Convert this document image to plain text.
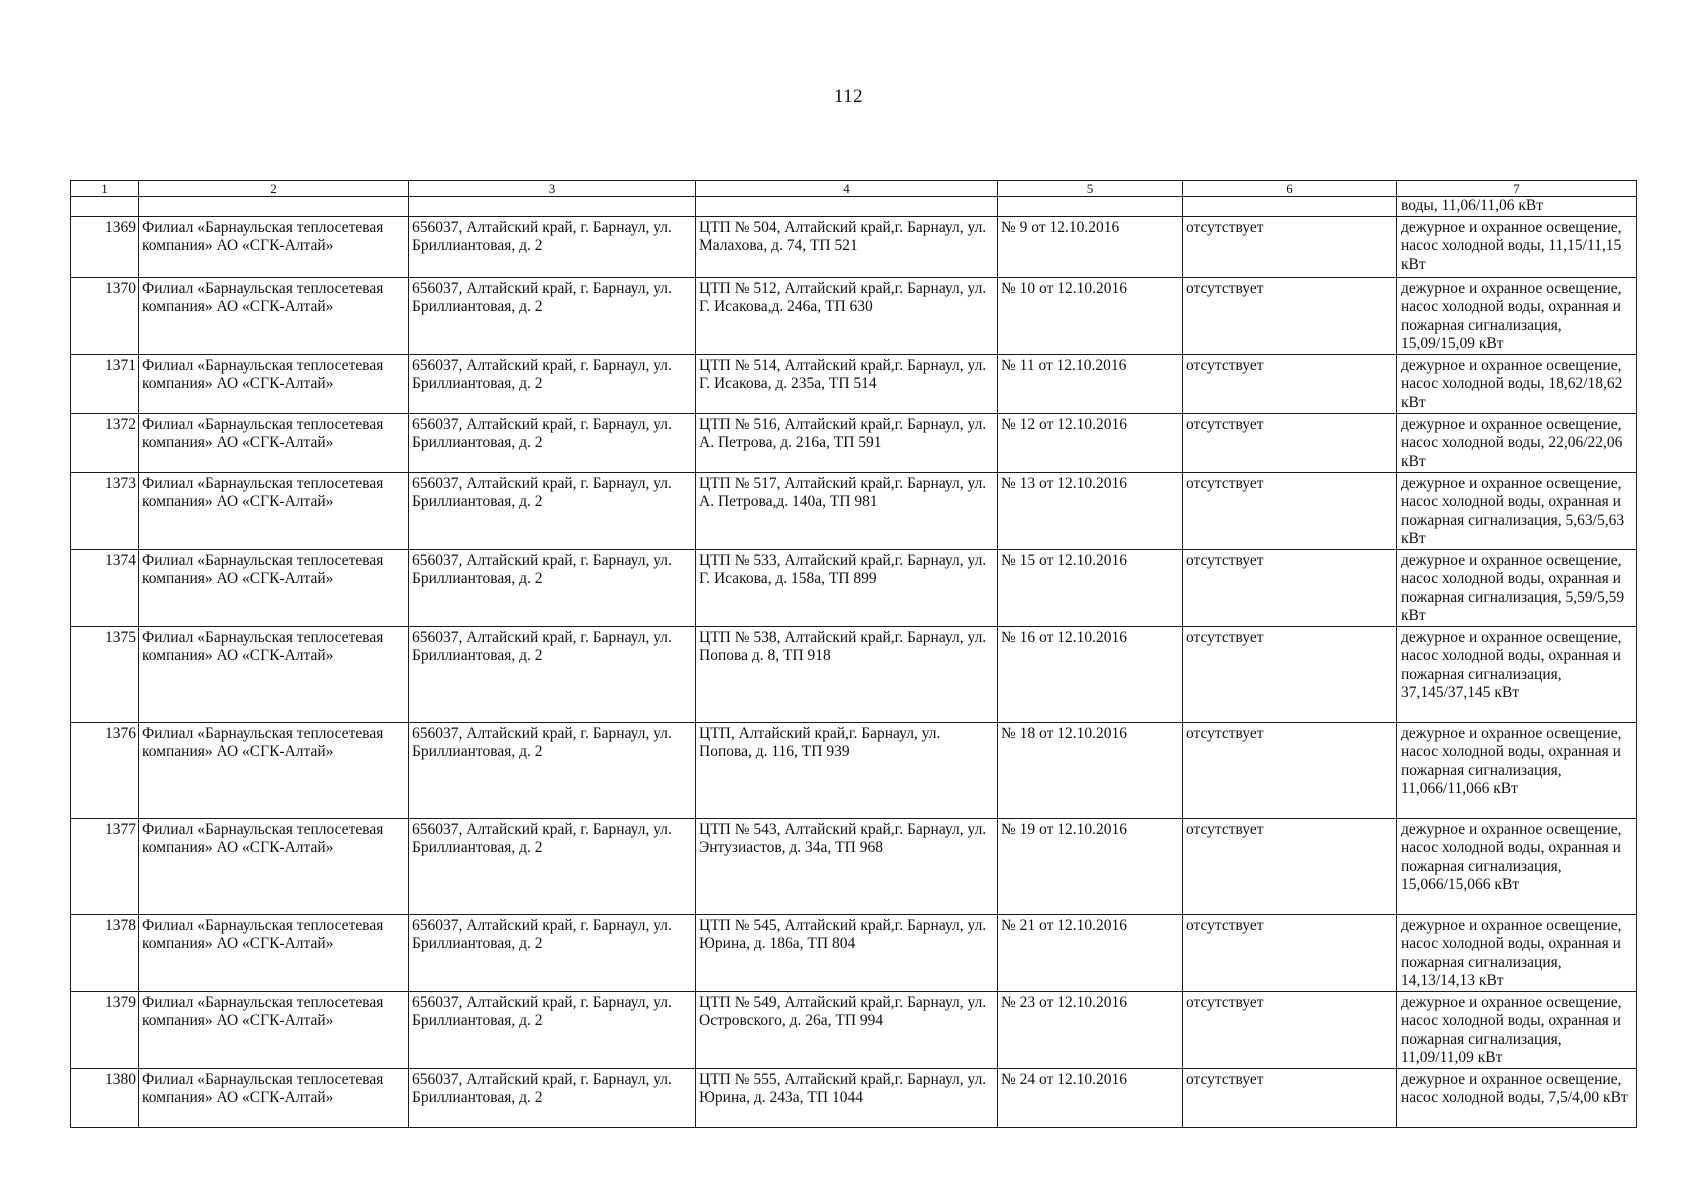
112
1	2	3	4	5	6	7
						воды, 11,06/11,06 кВт
1369	Филиал «Барнаульская теплосетевая компания» АО «СГК-Алтай»	656037, Алтайский край, г. Барнаул, ул. Бриллиантовая, д. 2	ЦТП № 504, Алтайский край,г. Барнаул, ул. Малахова, д. 74, ТП 521	№ 9 от 12.10.2016	отсутствует	дежурное и охранное освещение, насос холодной воды, 11,15/11,15 кВт
1370	Филиал «Барнаульская теплосетевая компания» АО «СГК-Алтай»	656037, Алтайский край, г. Барнаул, ул. Бриллиантовая, д. 2	ЦТП № 512, Алтайский край,г. Барнаул, ул. Г. Исакова,д. 246а, ТП 630	№ 10 от 12.10.2016	отсутствует	дежурное и охранное освещение, насос холодной воды, охранная и пожарная сигнализация, 15,09/15,09 кВт
1371	Филиал «Барнаульская теплосетевая компания» АО «СГК-Алтай»	656037, Алтайский край, г. Барнаул, ул. Бриллиантовая, д. 2	ЦТП № 514, Алтайский край,г. Барнаул, ул. Г. Исакова, д. 235а, ТП 514	№ 11 от 12.10.2016	отсутствует	дежурное и охранное освещение, насос холодной воды, 18,62/18,62 кВт
1372	Филиал «Барнаульская теплосетевая компания» АО «СГК-Алтай»	656037, Алтайский край, г. Барнаул, ул. Бриллиантовая, д. 2	ЦТП № 516, Алтайский край,г. Барнаул, ул. А. Петрова, д. 216а, ТП 591	№ 12 от 12.10.2016	отсутствует	дежурное и охранное освещение, насос холодной воды, 22,06/22,06 кВт
1373	Филиал «Барнаульская теплосетевая компания» АО «СГК-Алтай»	656037, Алтайский край, г. Барнаул, ул. Бриллиантовая, д. 2	ЦТП № 517, Алтайский край,г. Барнаул, ул. А. Петрова,д. 140а, ТП 981	№ 13 от 12.10.2016	отсутствует	дежурное и охранное освещение, насос холодной воды, охранная и пожарная сигнализация, 5,63/5,63 кВт
1374	Филиал «Барнаульская теплосетевая компания» АО «СГК-Алтай»	656037, Алтайский край, г. Барнаул, ул. Бриллиантовая, д. 2	ЦТП № 533, Алтайский край,г. Барнаул, ул. Г. Исакова, д. 158а, ТП 899	№ 15 от 12.10.2016	отсутствует	дежурное и охранное освещение, насос холодной воды, охранная и пожарная сигнализация, 5,59/5,59 кВт
1375	Филиал «Барнаульская теплосетевая компания» АО «СГК-Алтай»	656037, Алтайский край, г. Барнаул, ул. Бриллиантовая, д. 2	ЦТП № 538, Алтайский край,г. Барнаул, ул. Попова д. 8, ТП 918	№ 16 от 12.10.2016	отсутствует	дежурное и охранное освещение, насос холодной воды, охранная и пожарная сигнализация, 37,145/37,145 кВт
1376	Филиал «Барнаульская теплосетевая компания» АО «СГК-Алтай»	656037, Алтайский край, г. Барнаул, ул. Бриллиантовая, д. 2	ЦТП, Алтайский край,г. Барнаул, ул. Попова, д. 116, ТП 939	№ 18 от 12.10.2016	отсутствует	дежурное и охранное освещение, насос холодной воды, охранная и пожарная сигнализация, 11,066/11,066 кВт
1377	Филиал «Барнаульская теплосетевая компания» АО «СГК-Алтай»	656037, Алтайский край, г. Барнаул, ул. Бриллиантовая, д. 2	ЦТП № 543, Алтайский край,г. Барнаул, ул. Энтузиастов, д. 34а, ТП 968	№ 19 от 12.10.2016	отсутствует	дежурное и охранное освещение, насос холодной воды, охранная и пожарная сигнализация, 15,066/15,066 кВт
1378	Филиал «Барнаульская теплосетевая компания» АО «СГК-Алтай»	656037, Алтайский край, г. Барнаул, ул. Бриллиантовая, д. 2	ЦТП № 545, Алтайский край,г. Барнаул, ул. Юрина, д. 186а, ТП 804	№ 21 от 12.10.2016	отсутствует	дежурное и охранное освещение, насос холодной воды, охранная и пожарная сигнализация, 14,13/14,13 кВт
1379	Филиал «Барнаульская теплосетевая компания» АО «СГК-Алтай»	656037, Алтайский край, г. Барнаул, ул. Бриллиантовая, д. 2	ЦТП № 549, Алтайский край,г. Барнаул, ул. Островского, д. 26а, ТП 994	№ 23 от 12.10.2016	отсутствует	дежурное и охранное освещение, насос холодной воды, охранная и пожарная сигнализация, 11,09/11,09 кВт
1380	Филиал «Барнаульская теплосетевая компания» АО «СГК-Алтай»	656037, Алтайский край, г. Барнаул, ул. Бриллиантовая, д. 2	ЦТП № 555, Алтайский край,г. Барнаул, ул. Юрина, д. 243а, ТП 1044	№ 24 от 12.10.2016	отсутствует	дежурное и охранное освещение, насос холодной воды, 7,5/4,00 кВт
